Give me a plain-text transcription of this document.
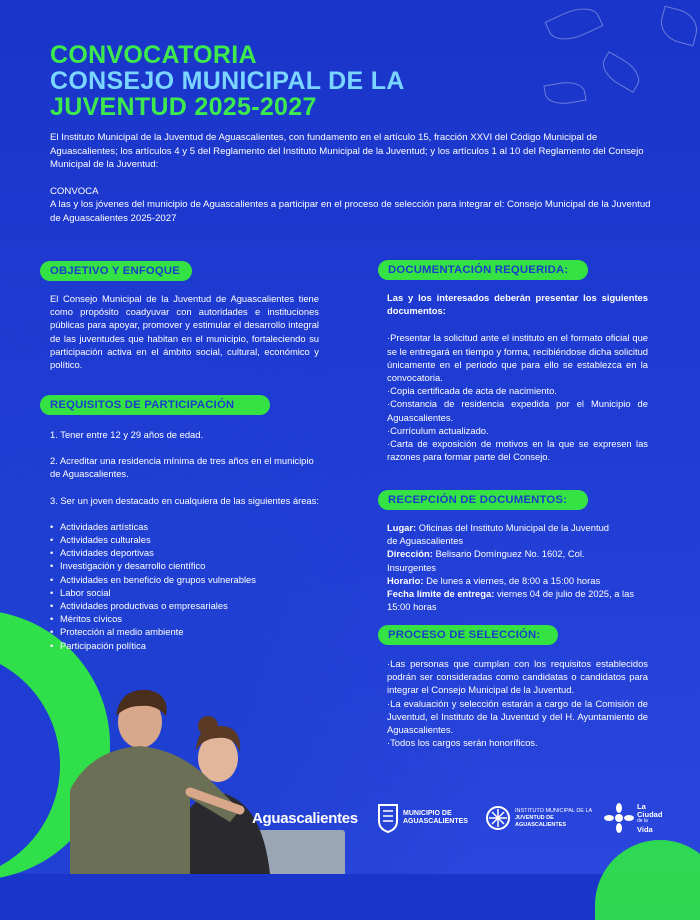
CONVOCATORIA
CONSEJO MUNICIPAL DE LA
JUVENTUD 2025-2027

El Instituto Municipal de la Juventud de Aguascalientes, con fundamento en el artículo 15, fracción XXVI del Código Municipal de Aguascalientes; los artículos 4 y 5 del Reglamento del Instituto Municipal de la Juventud; y los artículos 1 al 10 del Reglamento del Consejo Municipal de la Juventud:

CONVOCA

A las y los jóvenes del municipio de Aguascalientes a participar en el proceso de selección para integrar el: Consejo Municipal de la Juventud de Aguascalientes 2025-2027

OBJETIVO Y ENFOQUE
El Consejo Municipal de la Juventud de Aguascalientes tiene como propósito coadyuvar con autoridades e instituciones públicas para apoyar, promover y estimular el desarrollo integral de las juventudes que habitan en el municipio, fortaleciendo su participación activa en el ámbito social, cultural, económico y político.
REQUISITOS DE PARTICIPACIÓN
1. Tener entre 12 y 29 años de edad.
2. Acreditar una residencia mínima de tres años en el municipio de Aguascalientes.
3. Ser un joven destacado en cualquiera de las siguientes áreas:
• Actividades artísticas
• Actividades culturales
• Actividades deportivas
• Investigación y desarrollo científico
• Actividades en beneficio de grupos vulnerables
• Labor social
• Actividades productivas o empresariales
• Méritos cívicos
• Protección al medio ambiente
• Participación política
DOCUMENTACIÓN REQUERIDA:
Las y los interesados deberán presentar los siguientes documentos:
·Presentar la solicitud ante el instituto en el formato oficial que se le entregará en tiempo y forma, recibiéndose dicha solicitud únicamente en el periodo que para ello se establezca en la convocatoria.
·Copia certificada de acta de nacimiento.
·Constancia de residencia expedida por el Municipio de Aguascalientes.
·Currículum actualizado.
·Carta de exposición de motivos en la que se expresen las razones para formar parte del Consejo.
RECEPCIÓN DE DOCUMENTOS:
Lugar: Oficinas del Instituto Municipal de la Juventud de Aguascalientes
Dirección: Belisario Domínguez No. 1602, Col. Insurgentes
Horario: De lunes a viernes, de 8:00 a 15:00 horas
Fecha límite de entrega: viernes 04 de julio de 2025, a las 15:00 horas
PROCESO DE SELECCIÓN:
·Las personas que cumplan con los requisitos establecidos podrán ser consideradas como candidatas o candidatos para integrar el Consejo Municipal de la Juventud.
·La evaluación y selección estarán a cargo de la Comisión de Juventud, el Instituto de la Juventud y del H. Ayuntamiento de Aguascalientes.
·Todos los cargos serán honoríficos.
Aguascalientes	MUNICIPIO DE
AGUASCALIENTES
INSTITUTO MUNICIPAL DE LA
JUVENTUD DE
AGUASCALIENTES
La
Ciudad
de la
Vida
